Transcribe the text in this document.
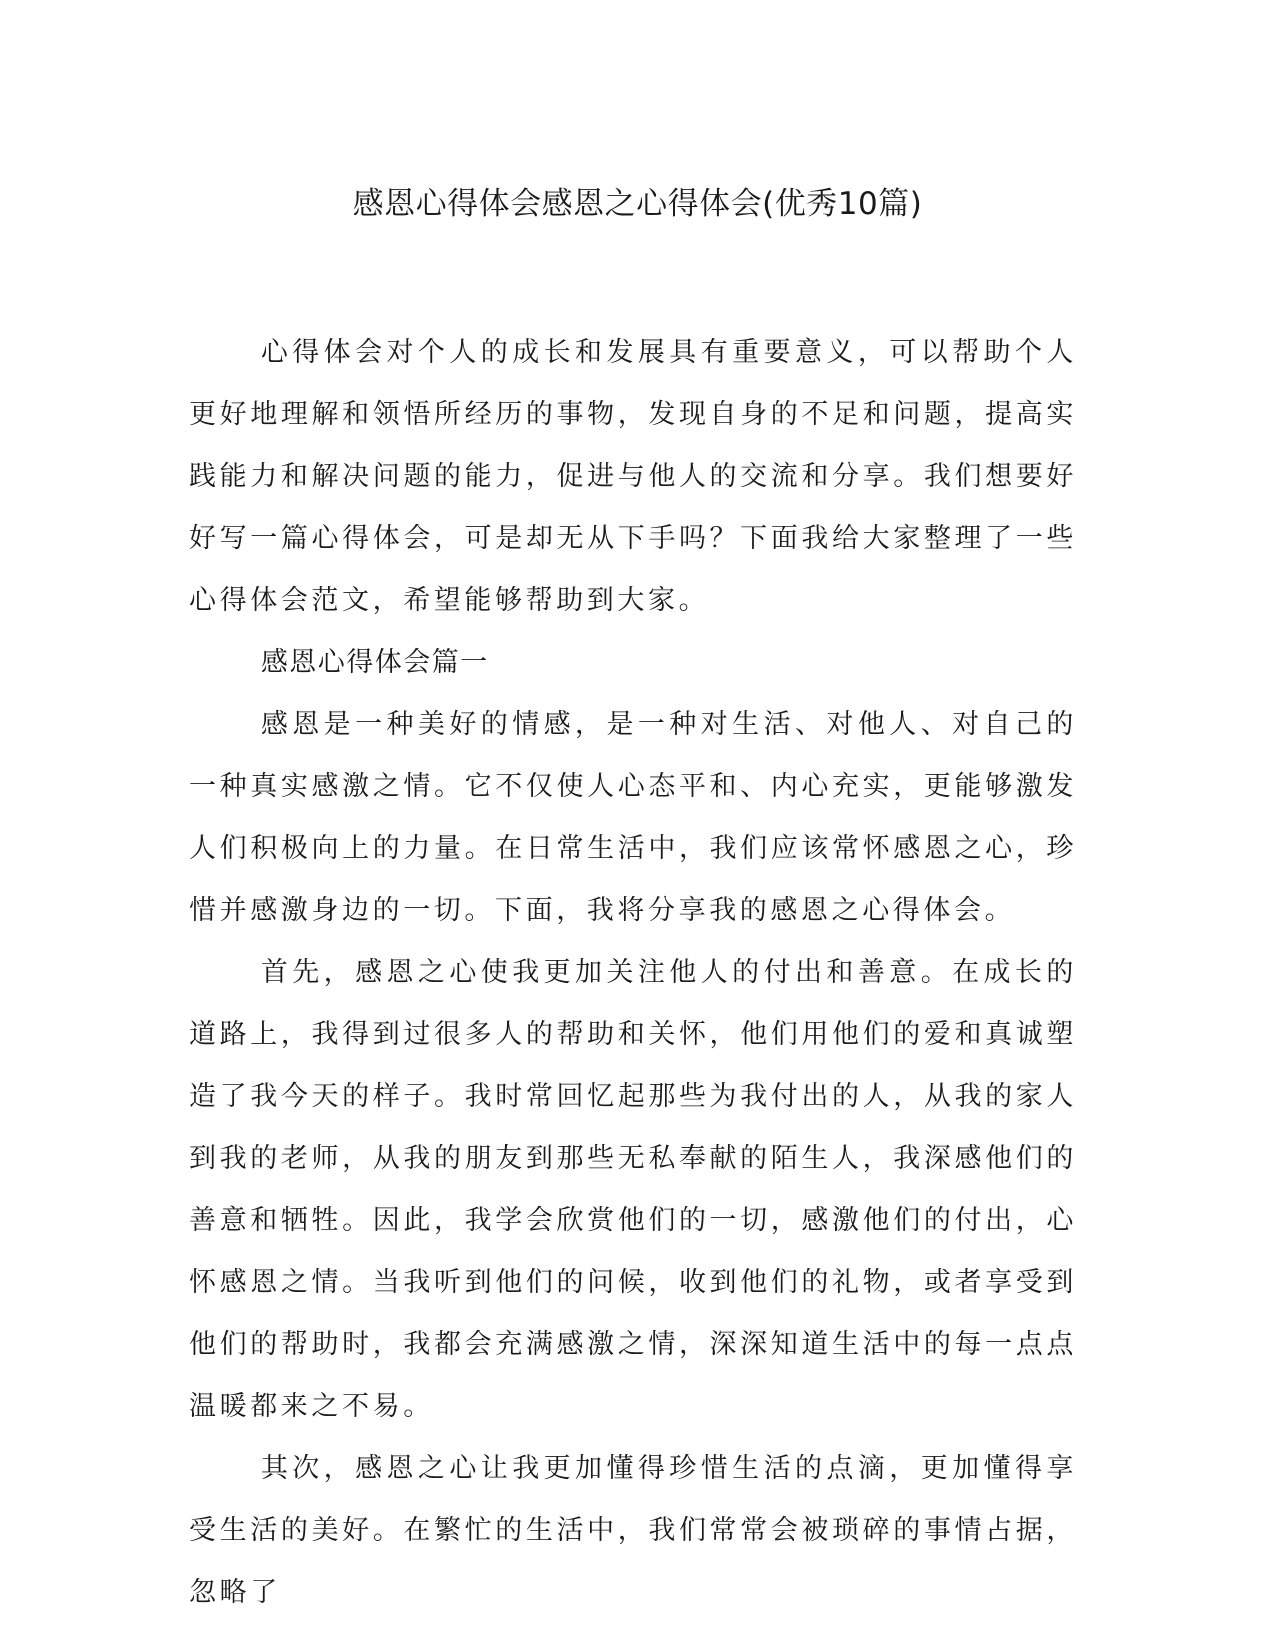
感恩心得体会感恩之心得体会(优秀10篇)

心得体会对个人的成长和发展具有重要意义，可以帮助个人更好地理解和领悟所经历的事物，发现自身的不足和问题，提高实践能力和解决问题的能力，促进与他人的交流和分享。我们想要好好写一篇心得体会，可是却无从下手吗？下面我给大家整理了一些心得体会范文，希望能够帮助到大家。

感恩心得体会篇一

感恩是一种美好的情感，是一种对生活、对他人、对自己的一种真实感激之情。它不仅使人心态平和、内心充实，更能够激发人们积极向上的力量。在日常生活中，我们应该常怀感恩之心，珍惜并感激身边的一切。下面，我将分享我的感恩之心得体会。

首先，感恩之心使我更加关注他人的付出和善意。在成长的道路上，我得到过很多人的帮助和关怀，他们用他们的爱和真诚塑造了我今天的样子。我时常回忆起那些为我付出的人，从我的家人到我的老师，从我的朋友到那些无私奉献的陌生人，我深感他们的善意和牺牲。因此，我学会欣赏他们的一切，感激他们的付出，心怀感恩之情。当我听到他们的问候，收到他们的礼物，或者享受到他们的帮助时，我都会充满感激之情，深深知道生活中的每一点点温暖都来之不易。

其次，感恩之心让我更加懂得珍惜生活的点滴，更加懂得享受生活的美好。在繁忙的生活中，我们常常会被琐碎的事情占据，忽略了
